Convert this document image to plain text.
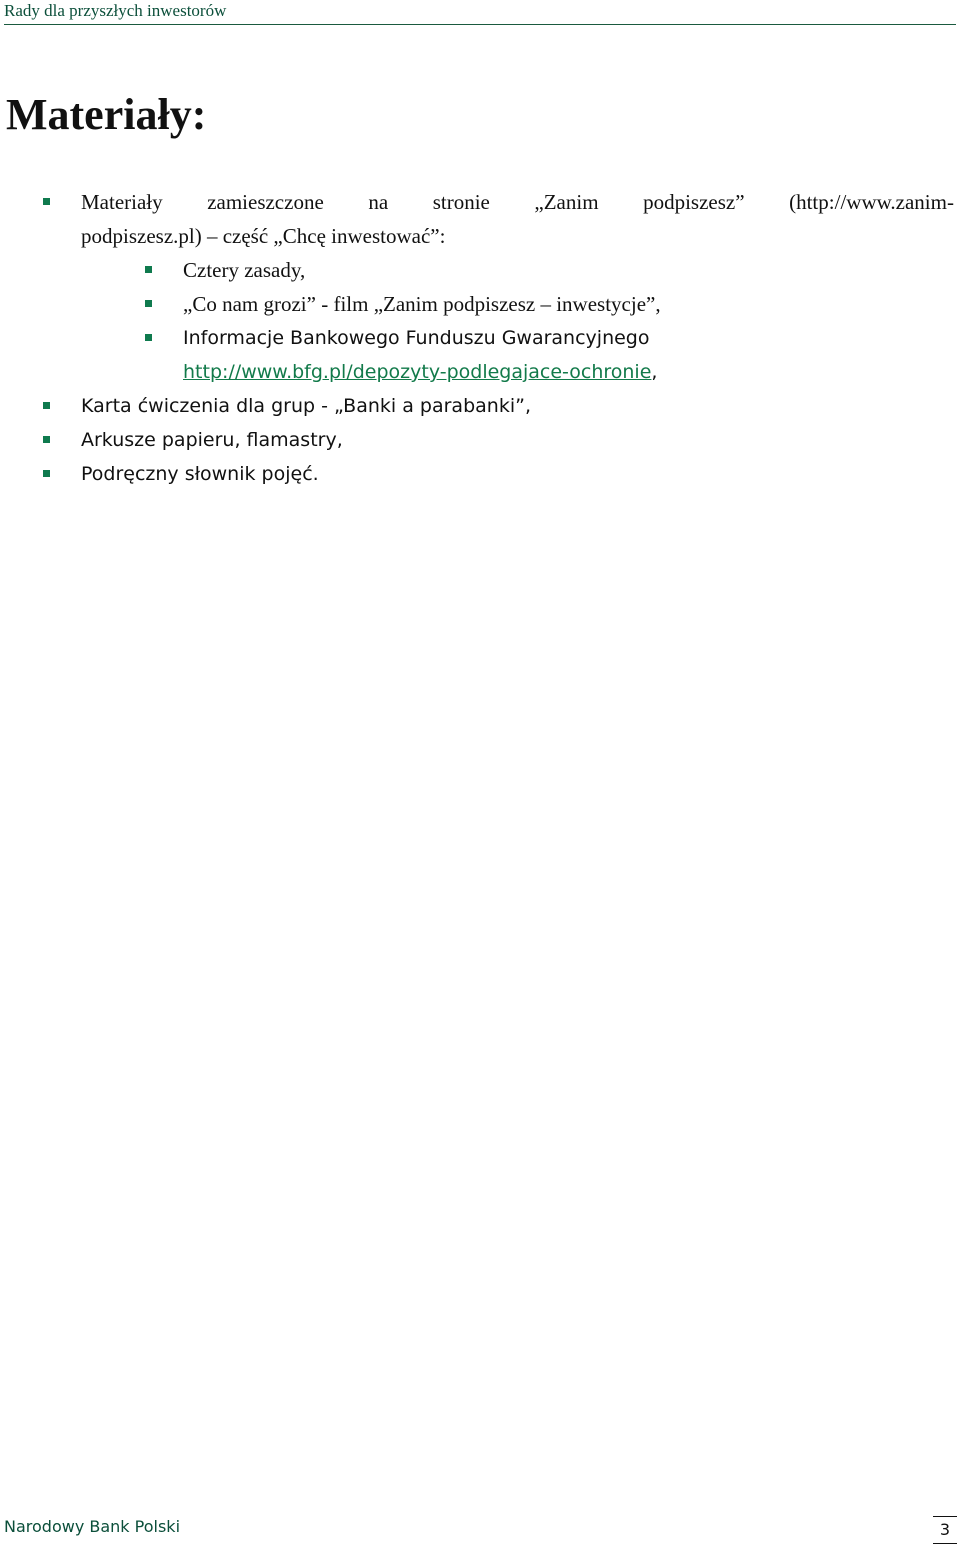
Rady dla przyszłych inwestorów
Materiały:
Materiały zamieszczone na stronie „Zanim podpiszesz” (http://www.zanim-
podpiszesz.pl) – część „Chcę inwestować”:
Cztery zasady,
„Co nam grozi” - film „Zanim podpiszesz – inwestycje”,
Informacje Bankowego Funduszu Gwarancyjnego
http://www.bfg.pl/depozyty-podlegajace-ochronie,
Karta ćwiczenia dla grup - „Banki a parabanki”,
Arkusze papieru, flamastry,
Podręczny słownik pojęć.
Narodowy Bank Polski	3
